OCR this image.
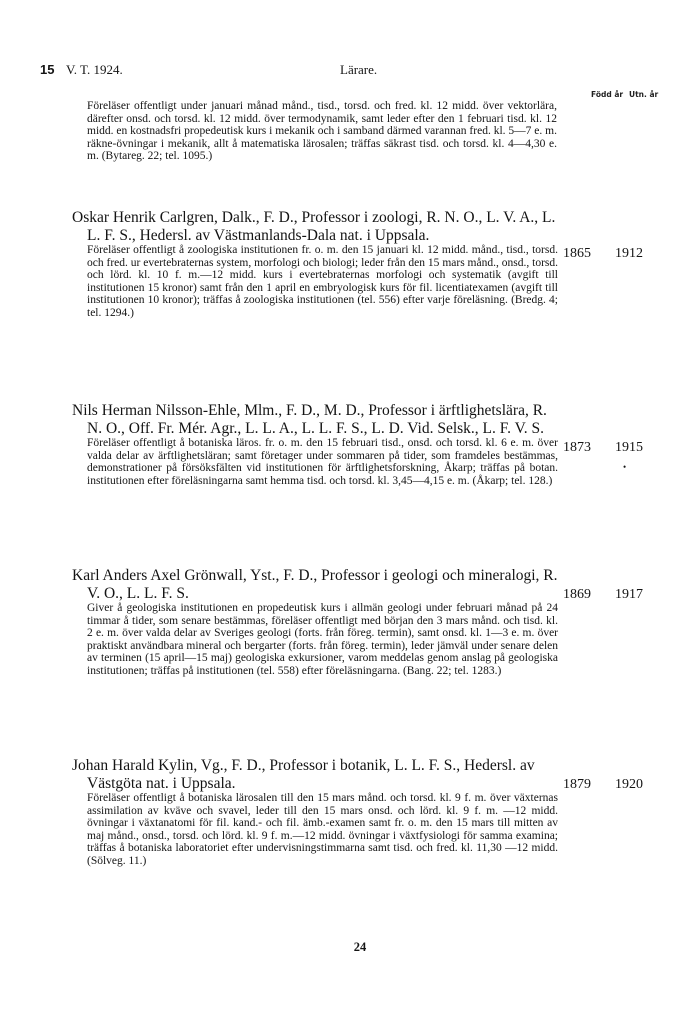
15 V. T. 1924.	Lärare.
Född år Utn. år
Föreläser offentligt under januari månad månd., tisd., torsd. och fred. kl. 12 midd. över vektorlära, därefter onsd. och torsd. kl. 12 midd. över termodynamik, samt leder efter den 1 februari tisd. kl. 12 midd. en kostnadsfri propedeutisk kurs i mekanik och i samband därmed varannan fred. kl. 5—7 e. m. räkne-övningar i mekanik, allt å matematiska lärosalen; träffas säkrast tisd. och torsd. kl. 4—4,30 e. m. (Bytareg. 22; tel. 1095.)
Oskar Henrik Carlgren, Dalk., F. D., Professor i zoologi, R. N. O., L. V. A., L. L. F. S., Hedersl. av Västmanlands-Dala nat. i Uppsala.
Föreläser offentligt å zoologiska institutionen fr. o. m. den 15 januari kl. 12 midd. månd., tisd., torsd. och fred. ur evertebraternas system, morfologi och biologi; leder från den 15 mars månd., onsd., torsd. och lörd. kl. 10 f. m.—12 midd. kurs i evertebraternas morfologi och systematik (avgift till institutionen 15 kronor) samt från den 1 april en embryologisk kurs för fil. licentiatexamen (avgift till institutionen 10 kronor); träffas å zoologiska institutionen (tel. 556) efter varje föreläsning. (Bredg. 4; tel. 1294.)
1865 1912
Nils Herman Nilsson-Ehle, Mlm., F. D., M. D., Professor i ärftlighetslära, R. N. O., Off. Fr. Mér. Agr., L. L. A., L. L. F. S., L. D. Vid. Selsk., L. F. V. S.
Föreläser offentligt å botaniska läros. fr. o. m. den 15 februari tisd., onsd. och torsd. kl. 6 e. m. över valda delar av ärftlighetsläran; samt företager under sommaren på tider, som framdeles bestämmas, demonstrationer på försöksfälten vid institutionen för ärftlighetsforskning, Åkarp; träffas på botan. institutionen efter föreläsningarna samt hemma tisd. och torsd. kl. 3,45—4,15 e. m. (Åkarp; tel. 128.)
1873 1915
•
Karl Anders Axel Grönwall, Yst., F. D., Professor i geologi och mineralogi, R. V. O., L. L. F. S.
Giver å geologiska institutionen en propedeutisk kurs i allmän geologi under februari månad på 24 timmar å tider, som senare bestämmas, föreläser offentligt med början den 3 mars månd. och tisd. kl. 2 e. m. över valda delar av Sveriges geologi (forts. från föreg. termin), samt onsd. kl. 1—3 e. m. över praktiskt användbara mineral och bergarter (forts. från föreg. termin), leder jämväl under senare delen av terminen (15 april—15 maj) geologiska exkursioner, varom meddelas genom anslag på geologiska institutionen; träffas på institutionen (tel. 558) efter föreläsningarna. (Bang. 22; tel. 1283.)
1869 1917
Johan Harald Kylin, Vg., F. D., Professor i botanik, L. L. F. S., Hedersl. av Västgöta nat. i Uppsala.
Föreläser offentligt å botaniska lärosalen till den 15 mars månd. och torsd. kl. 9 f. m. över växternas assimilation av kväve och svavel, leder till den 15 mars onsd. och lörd. kl. 9 f. m. —12 midd. övningar i växtanatomi för fil. kand.- och fil. ämb.-examen samt fr. o. m. den 15 mars till mitten av maj månd., onsd., torsd. och lörd. kl. 9 f. m.—12 midd. övningar i växtfysiologi för samma examina; träffas å botaniska laboratoriet efter undervisningstimmarna samt tisd. och fred. kl. 11,30 —12 midd. (Sölveg. 11.)
1879 1920
24
